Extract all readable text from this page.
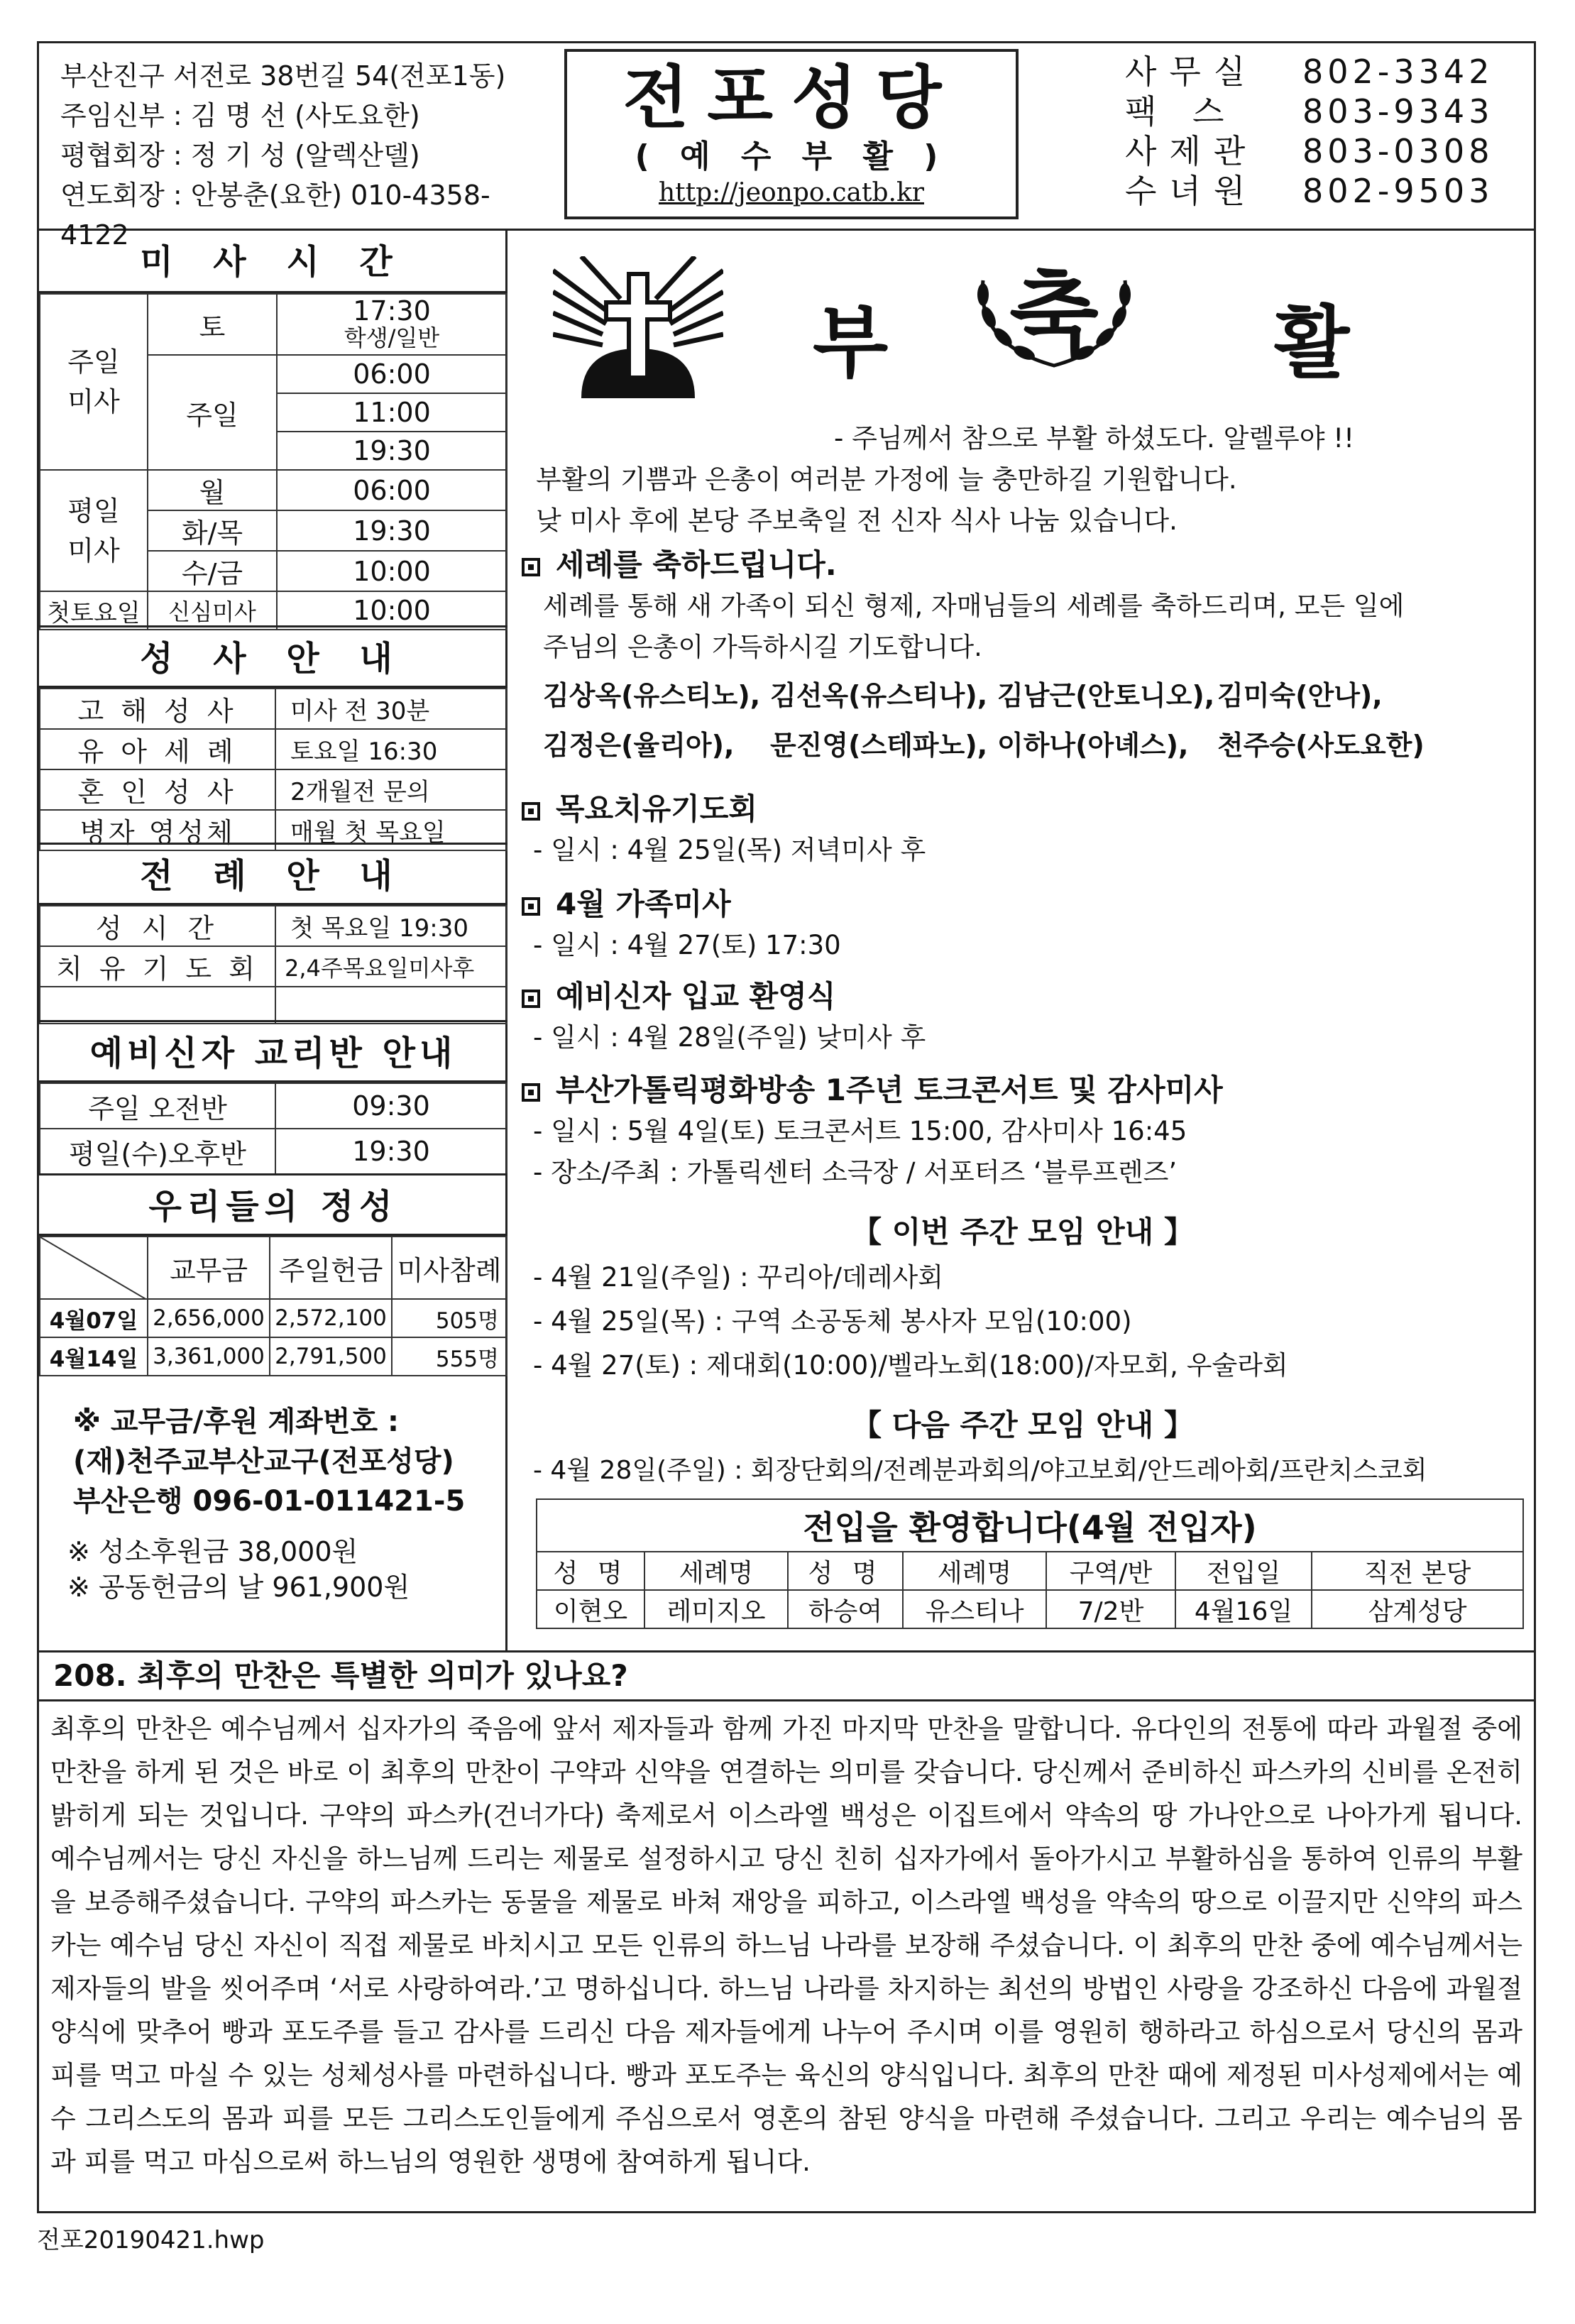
부산진구 서전로 38번길 54(전포1동)
주임신부 : 김 명 선 (사도요한)
평협회장 : 정 기 성 (알렉산델)
연도회장 : 안봉춘(요한) 010-4358-4122
전포성당
( 예 수 부 활 )
http://jeonpo.catb.kr
사무실	802-3342
팩 스	803-9343
사제관	803-0308
수녀원	802-9503
미 사 시 간
주일
미사	토	17:30
학생/일반
	주일	06:00
		11:00
		19:30
평일
미사	월	06:00
	화/목	19:30
	수/금	10:00
첫토요일	신심미사	10:00
성 사 안 내
고 해 성 사	미사 전 30분
유 아 세 례	토요일 16:30
혼 인 성 사	2개월전 문의
병자 영성체	매월 첫 목요일
전 례 안 내
성 시 간	첫 목요일 19:30
치 유 기 도 회	2,4주목요일미사후

예비신자 교리반 안내
주일 오전반	09:30
평일(수)오후반	19:30
우리들의 정성
	교무금	주일헌금	미사참례
4월07일	2,656,000	2,572,100	505명
4월14일	3,361,000	2,791,500	555명
※ 교무금/후원 계좌번호 :
(재)천주교부산교구(전포성당)
부산은행 096-01-011421-5
※ 성소후원금 38,000원
※ 공동헌금의 날 961,900원
부 축 활
- 주님께서 참으로 부활 하셨도다. 알렐루야 !!
부활의 기쁨과 은총이 여러분 가정에 늘 충만하길 기원합니다.
낮 미사 후에 본당 주보축일 전 신자 식사 나눔 있습니다.
세례를 축하드립니다.
세례를 통해 새 가족이 되신 형제, 자매님들의 세례를 축하드리며, 모든 일에
주님의 은총이 가득하시길 기도합니다.
김상옥(유스티노), 김선옥(유스티나), 김남근(안토니오), 김미숙(안나),
김정은(율리아), 문진영(스테파노), 이하나(아녜스), 천주승(사도요한)
목요치유기도회
- 일시 : 4월 25일(목) 저녁미사 후
4월 가족미사
- 일시 : 4월 27(토) 17:30
예비신자 입교 환영식
- 일시 : 4월 28일(주일) 낮미사 후
부산가톨릭평화방송 1주년 토크콘서트 및 감사미사
- 일시 : 5월 4일(토) 토크콘서트 15:00, 감사미사 16:45
- 장소/주최 : 가톨릭센터 소극장 / 서포터즈 ‘블루프렌즈’
【 이번 주간 모임 안내 】
- 4월 21일(주일) : 꾸리아/데레사회
- 4월 25일(목) : 구역 소공동체 봉사자 모임(10:00)
- 4월 27(토) : 제대회(10:00)/벨라노회(18:00)/자모회, 우술라회
【 다음 주간 모임 안내 】
- 4월 28일(주일) : 회장단회의/전례분과회의/야고보회/안드레아회/프란치스코회
전입을 환영합니다(4월 전입자)						
성 명	세례명	성 명	세례명	구역/반	전입일	직전 본당
이현오	레미지오	하승여	유스티나	7/2반	4월16일	삼계성당
208. 최후의 만찬은 특별한 의미가 있나요?
최후의 만찬은 예수님께서 십자가의 죽음에 앞서 제자들과 함께 가진 마지막 만찬을 말합니다. 유다인의 전통에 따라 과월절 중에 만찬을 하게 된 것은 바로 이 최후의 만찬이 구약과 신약을 연결하는 의미를 갖습니다. 당신께서 준비하신 파스카의 신비를 온전히 밝히게 되는 것입니다. 구약의 파스카(건너가다) 축제로서 이스라엘 백성은 이집트에서 약속의 땅 가나안으로 나아가게 됩니다. 예수님께서는 당신 자신을 하느님께 드리는 제물로 설정하시고 당신 친히 십자가에서 돌아가시고 부활하심을 통하여 인류의 부활을 보증해주셨습니다. 구약의 파스카는 동물을 제물로 바쳐 재앙을 피하고, 이스라엘 백성을 약속의 땅으로 이끌지만 신약의 파스카는 예수님 당신 자신이 직접 제물로 바치시고 모든 인류의 하느님 나라를 보장해 주셨습니다. 이 최후의 만찬 중에 예수님께서는 제자들의 발을 씻어주며 ‘서로 사랑하여라.’고 명하십니다. 하느님 나라를 차지하는 최선의 방법인 사랑을 강조하신 다음에 과월절 양식에 맞추어 빵과 포도주를 들고 감사를 드리신 다음 제자들에게 나누어 주시며 이를 영원히 행하라고 하심으로서 당신의 몸과 피를 먹고 마실 수 있는 성체성사를 마련하십니다. 빵과 포도주는 육신의 양식입니다. 최후의 만찬 때에 제정된 미사성제에서는 예수 그리스도의 몸과 피를 모든 그리스도인들에게 주심으로서 영혼의 참된 양식을 마련해 주셨습니다. 그리고 우리는 예수님의 몸과 피를 먹고 마심으로써 하느님의 영원한 생명에 참여하게 됩니다.
전포20190421.hwp
